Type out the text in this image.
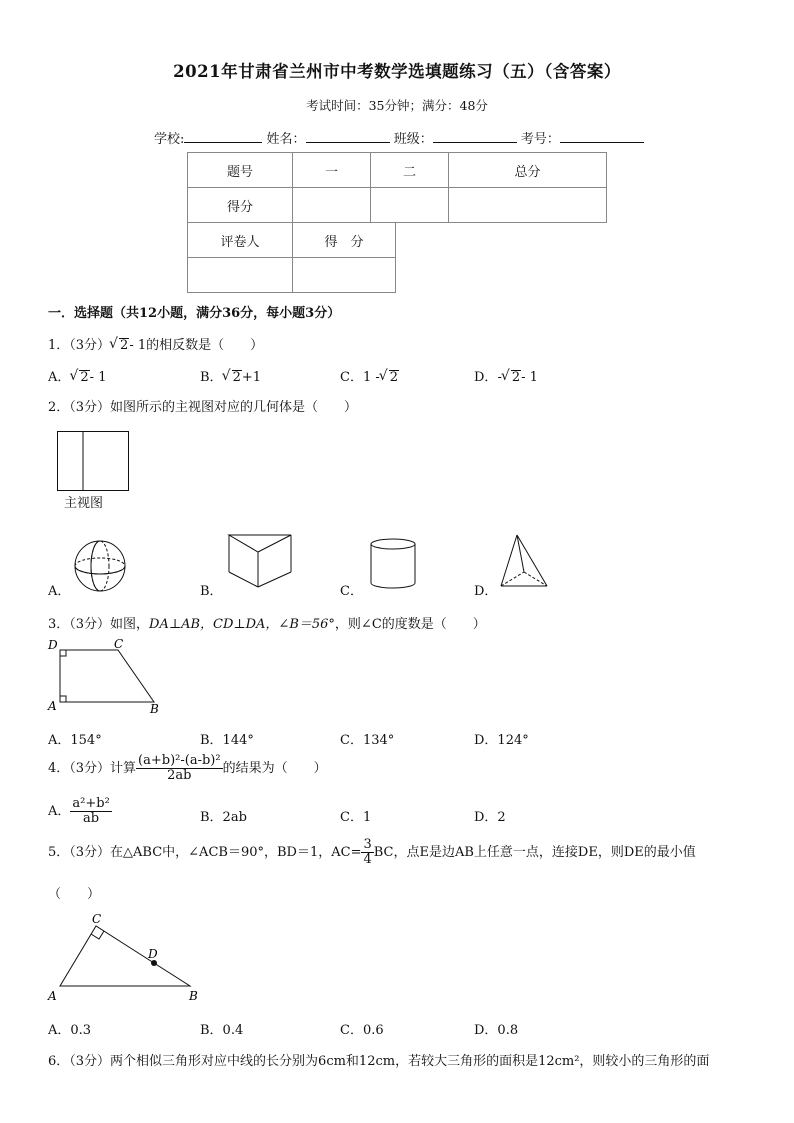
2021年甘肃省兰州市中考数学选填题练习（五）（含答案）
考试时间：35分钟；满分：48分
学校:	姓名：	班级：	考号：
题号	一	二	总分
得分			
评卷人	得　分

一．选择题（共12小题，满分36分，每小题3分）
1．（3分） √ 2- 1的相反数是（　　）
A． √ 2- 1	B． √ 2+1	C．1 - √ 2	D．- √ 2- 1
2．（3分）如图所示的主视图对应的几何体是（　　）
主视图
A．	B．	C．	D．
3．（3分）如图，DA⊥AB，CD⊥DA，∠B＝56°，则∠C的度数是（　　）
D	C
A	B
A．154°	B．144°	C．134°	D．124°
4．（3分）计算 $\frac{\text{(a+b)²-(a-b)²}}{2ab}$ 的结果为（　　）
A． $\frac{\text{a²+b²}}{ab}$	B．2ab	C．1	D．2
5．（3分）在△ABC中，∠ACB＝90°，BD＝1，$AC= \frac{3}{4}$ BC，点E是边AB上任意一点，连接DE，则DE的最小值
（　　）
C
D
A	B
A．0.3	B．0.4	C．0.6	D．0.8
6．（3分）两个相似三角形对应中线的长分别为6cm和12cm，若较大三角形的面积是12cm²，则较小的三角形的面
